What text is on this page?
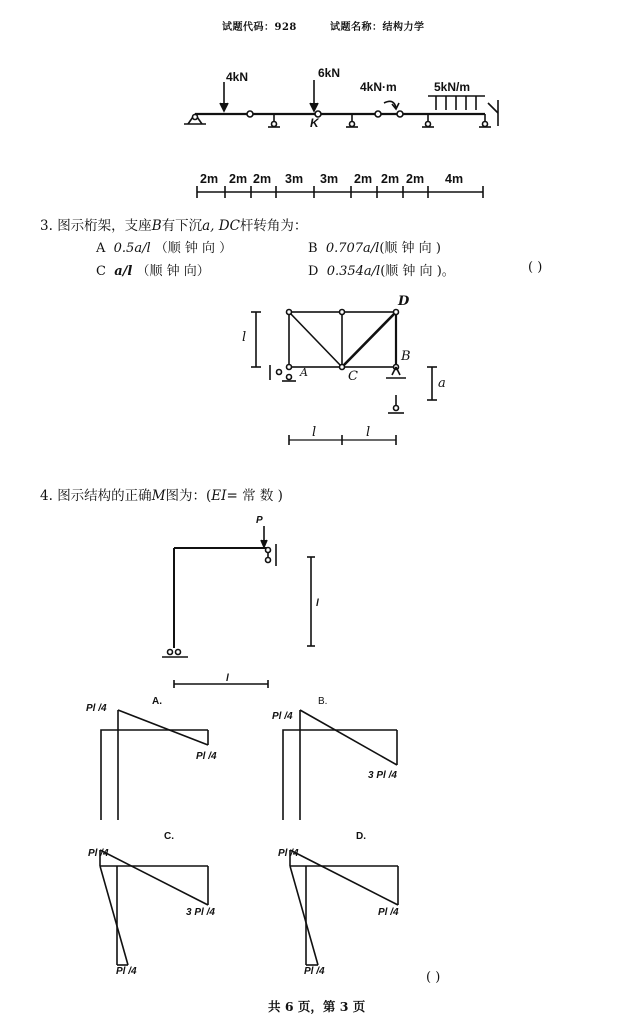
试题代码：928	试题名称：结构力学
4kN	6kN
4kN·m	5kN/m
K
2m 2m 2m 3m 3m 2m 2m 2m 4m
3. 图示桁架，支座B有下沉a, DC杆转角为：
A 0.5a/l （顺 钟 向 ）	B 0.707a/l(顺 钟 向 )
C a/l （顺 钟 向）	D 0.354a/l(顺 钟 向 )。	( )
D
B
C
A
l
a
l	l
4. 图示结构的正确M图为：(EI= 常 数 )
P
l
l
A.
Pl /4
Pl /4
B.
Pl /4
3 Pl /4
C.
Pl /4
3 Pl /4
Pl /4
D.
Pl /4
Pl /4
Pl /4	( )
共 6 页，第 3 页
